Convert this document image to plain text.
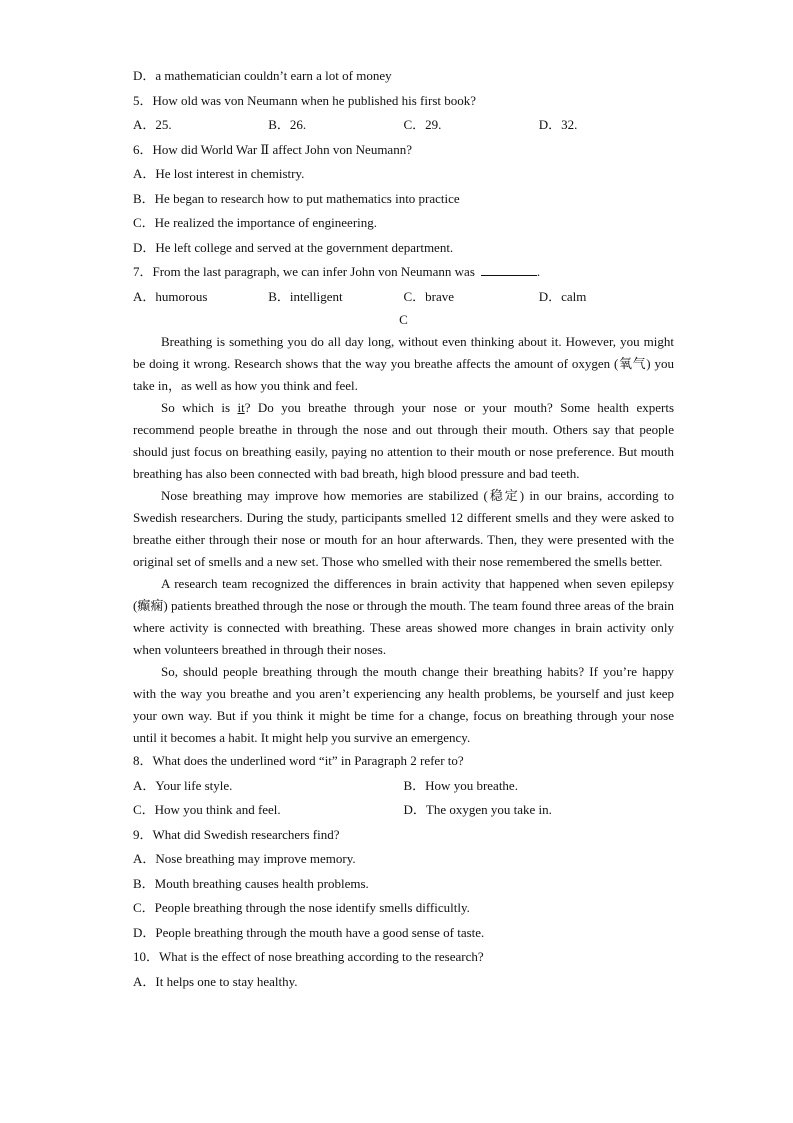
D．a mathematician couldn’t earn a lot of money
5．How old was von Neumann when he published his first book?
A．25.	B．26.	C．29.	D．32.
6．How did World War Ⅱ affect John von Neumann?
A．He lost interest in chemistry.
B．He began to research how to put mathematics into practice
C．He realized the importance of engineering.
D．He left college and served at the government department.
7．From the last paragraph, we can infer John von Neumann was	.
A．humorous	B．intelligent	C．brave	D．calm
C

Breathing is something you do all day long, without even thinking about it. However, you might be doing it wrong. Research shows that the way you breathe affects the amount of oxygen (氧气) you take in，as well as how you think and feel.

So which is it? Do you breathe through your nose or your mouth? Some health experts recommend people breathe in through the nose and out through their mouth. Others say that people should just focus on breathing easily, paying no attention to their mouth or nose preference. But mouth breathing has also been connected with bad breath, high blood pressure and bad teeth.

Nose breathing may improve how memories are stabilized (稳定) in our brains, according to Swedish researchers. During the study, participants smelled 12 different smells and they were asked to breathe either through their nose or mouth for an hour afterwards. Then, they were presented with the original set of smells and a new set. Those who smelled with their nose remembered the smells better.

A research team recognized the differences in brain activity that happened when seven epilepsy (癫痫) patients breathed through the nose or through the mouth. The team found three areas of the brain where activity is connected with breathing. These areas showed more changes in brain activity only when volunteers breathed in through their noses.

So, should people breathing through the mouth change their breathing habits? If you’re happy with the way you breathe and you aren’t experiencing any health problems, be yourself and just keep your own way. But if you think it might be time for a change, focus on breathing through your nose until it becomes a habit. It might help you survive an emergency.

8．What does the underlined word “it” in Paragraph 2 refer to?
A．Your life style.	B．How you breathe.
C．How you think and feel.	D．The oxygen you take in.
9．What did Swedish researchers find?
A．Nose breathing may improve memory.
B．Mouth breathing causes health problems.
C．People breathing through the nose identify smells difficultly.
D．People breathing through the mouth have a good sense of taste.
10．What is the effect of nose breathing according to the research?
A．It helps one to stay healthy.
